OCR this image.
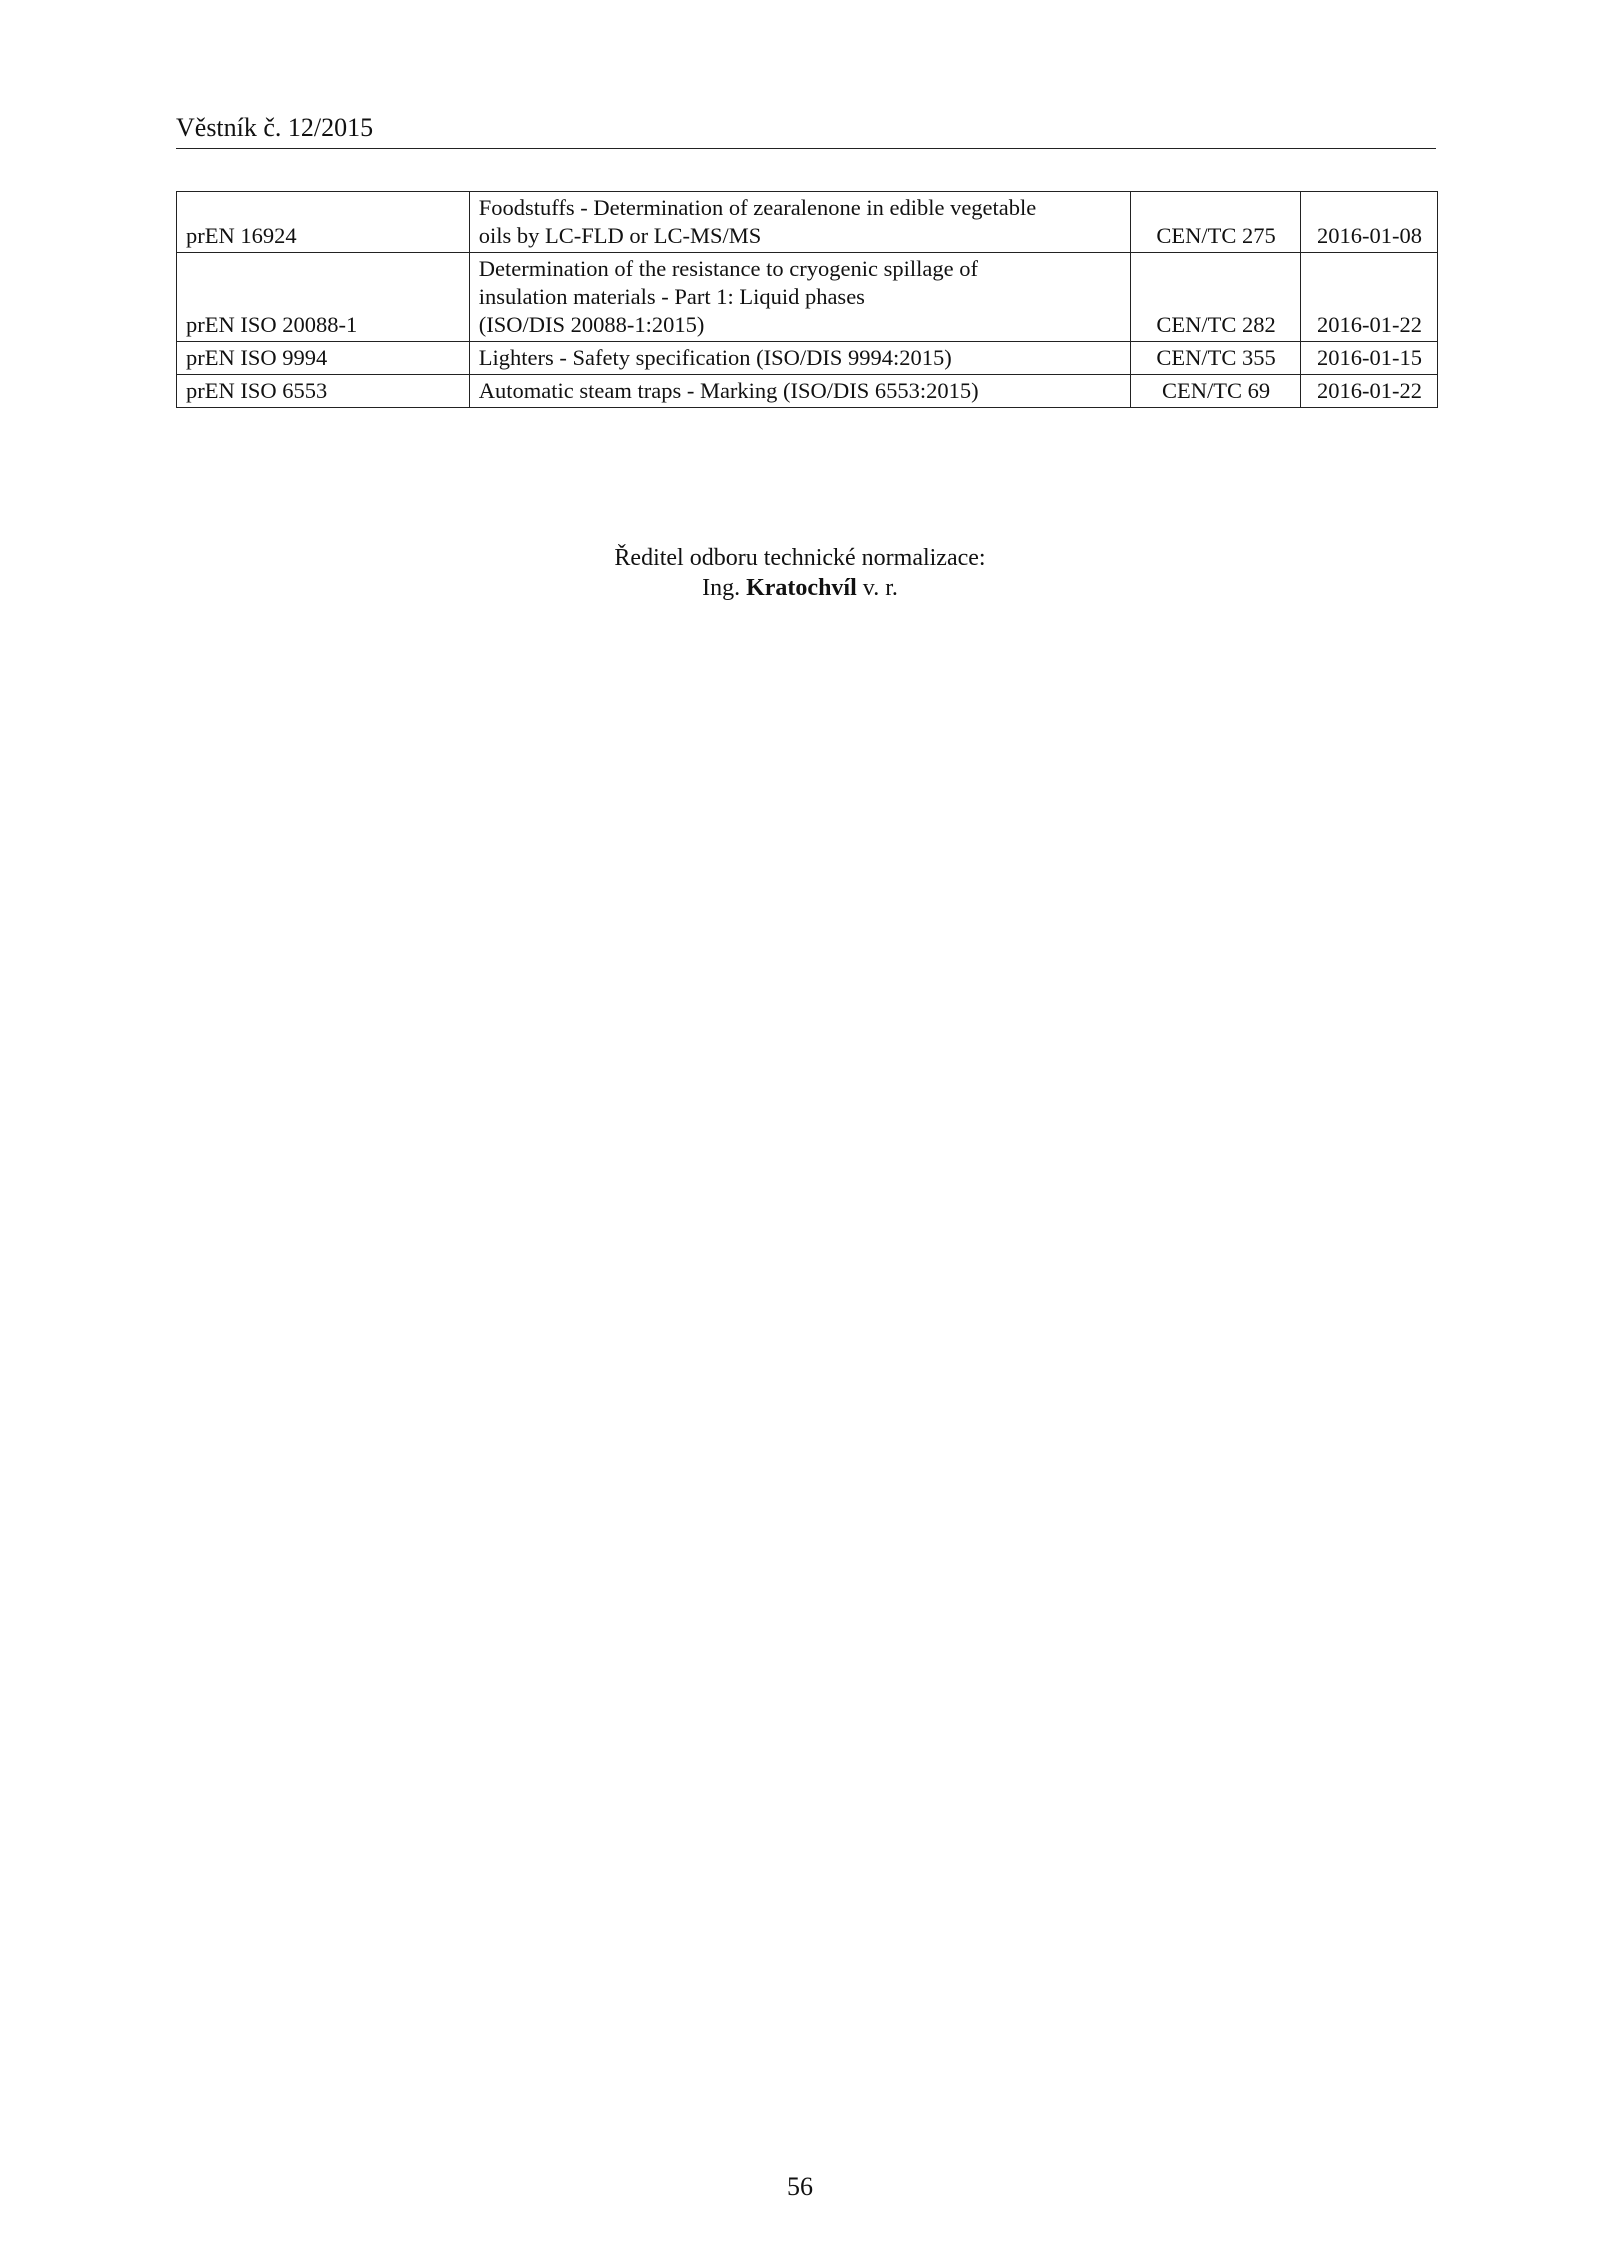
Věstník č. 12/2015
prEN 16924	Foodstuffs - Determination of zearalenone in edible vegetable
oils by LC-FLD or LC-MS/MS	CEN/TC 275	2016-01-08
prEN ISO 20088-1	Determination of the resistance to cryogenic spillage of
insulation materials - Part 1: Liquid phases
(ISO/DIS 20088-1:2015)	CEN/TC 282	2016-01-22
prEN ISO 9994	Lighters - Safety specification (ISO/DIS 9994:2015)	CEN/TC 355	2016-01-15
prEN ISO 6553	Automatic steam traps - Marking (ISO/DIS 6553:2015)	CEN/TC 69	2016-01-22
Ředitel odboru technické normalizace:
Ing. Kratochvíl v. r.
56
